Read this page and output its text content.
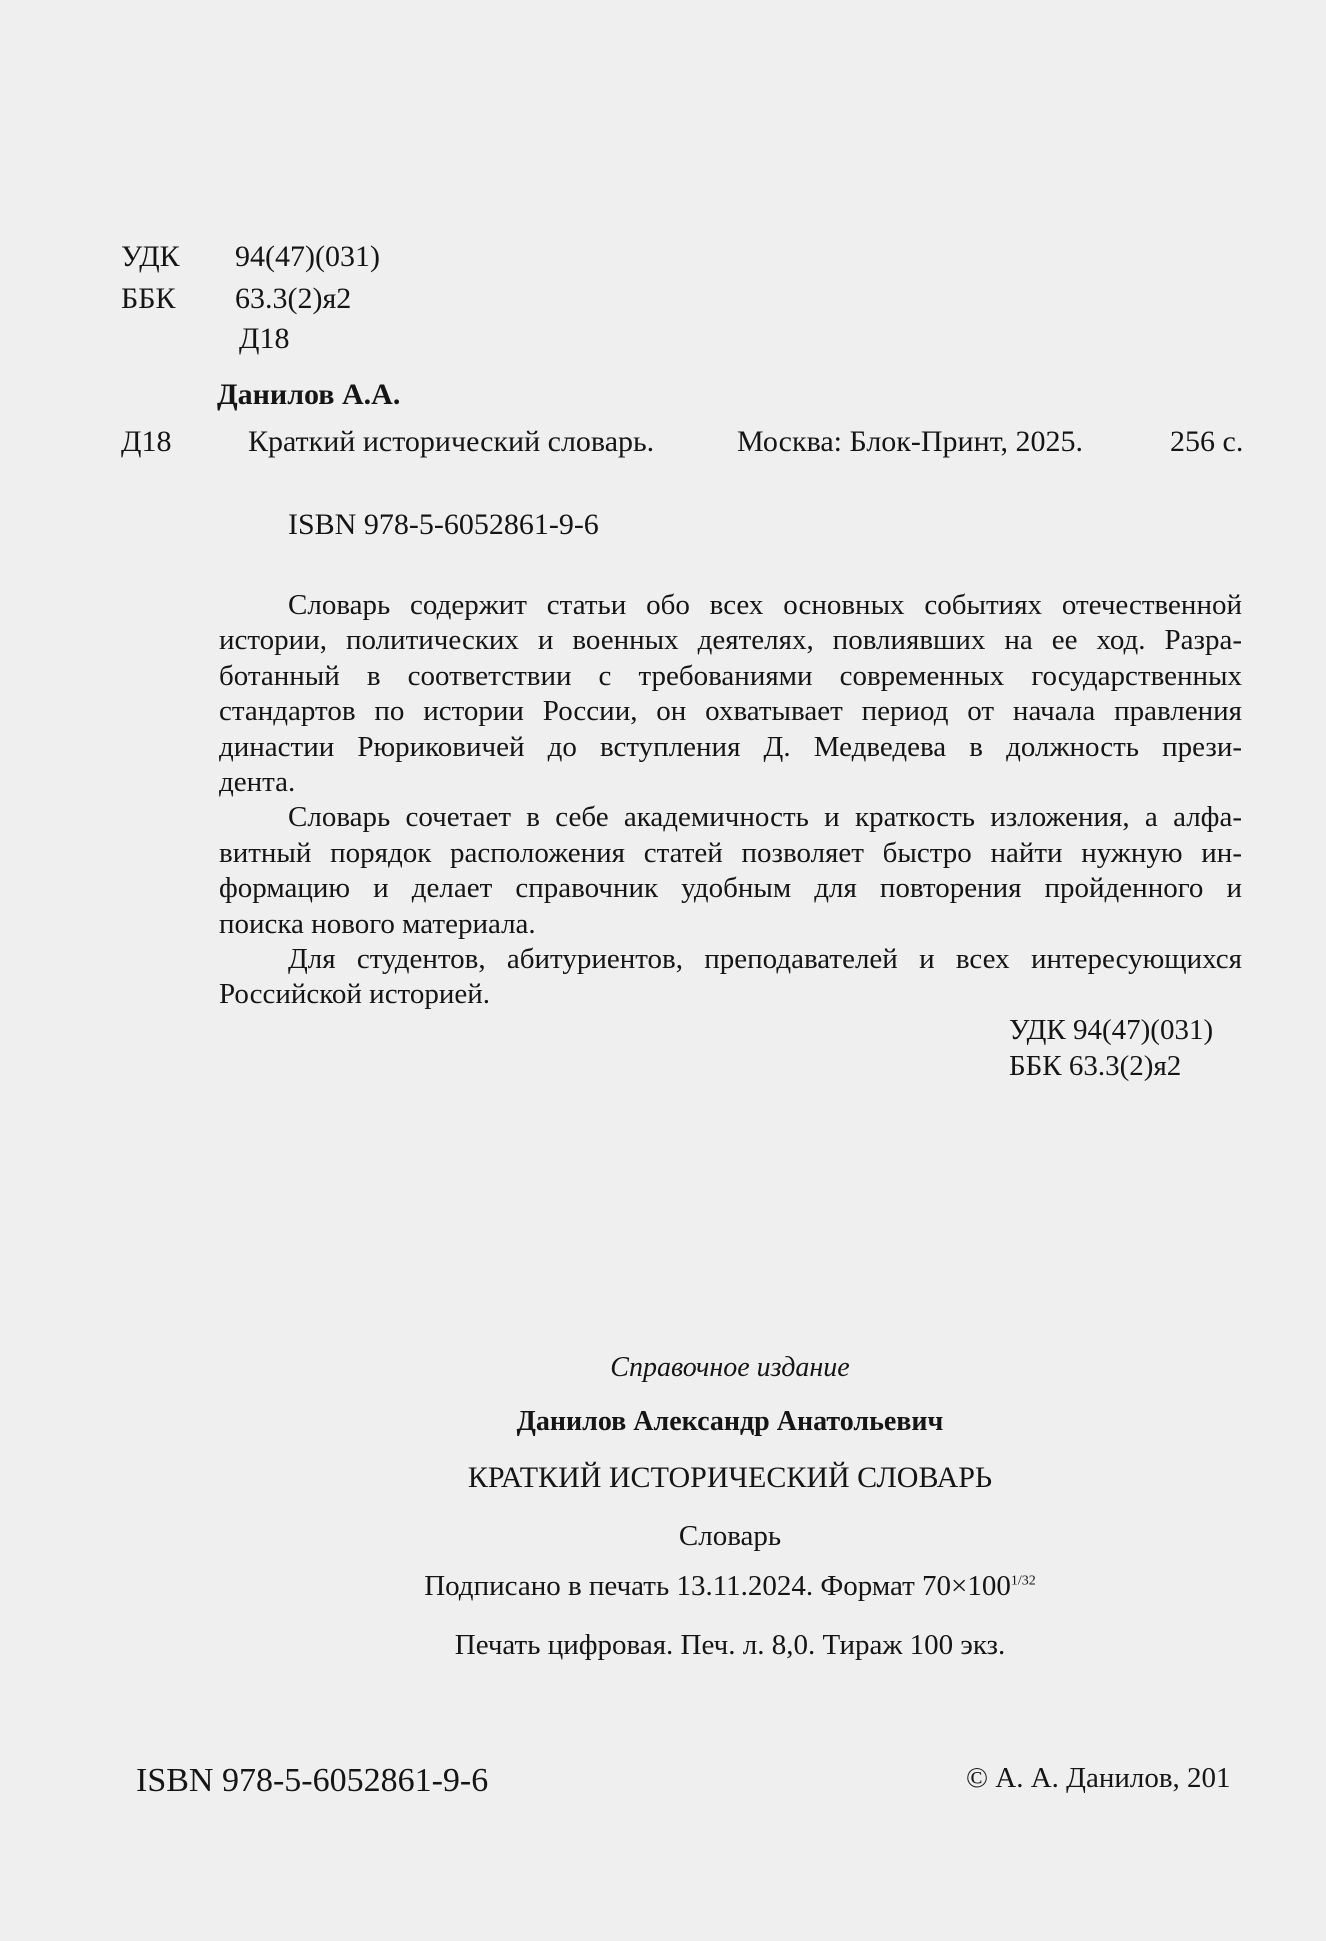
УДК 94(47)(031)
ББК 63.3(2)я2
Д18
Данилов А.А.
Д18	Краткий исторический словарь.	Москва: Блок-Принт, 2025.	256 с.
ISBN 978-5-6052861-9-6
Словарь содержит статьи обо всех основных событиях отечественной
истории, политических и военных деятелях, повлиявших на ее ход. Разра-
ботанный в соответствии с требованиями современных государственных
стандартов по истории России, он охватывает период от начала правления
династии Рюриковичей до вступления Д. Медведева в должность прези-
дента.
Словарь сочетает в себе академичность и краткость изложения, а алфа-
витный порядок расположения статей позволяет быстро найти нужную ин-
формацию и делает справочник удобным для повторения пройденного и
поиска нового материала.
Для студентов, абитуриентов, преподавателей и всех интересующихся
Российской историей.
УДК 94(47)(031)
ББК 63.3(2)я2
Справочное издание
Данилов Александр Анатольевич
КРАТКИЙ ИСТОРИЧЕСКИЙ СЛОВАРЬ
Словарь
Подписано в печать 13.11.2024. Формат $70\times 100^{1/32}$
Печать цифровая. Печ. л. 8,0. Тираж 100 экз.
ISBN 978-5-6052861-9-6	© А. А. Данилов, 201
